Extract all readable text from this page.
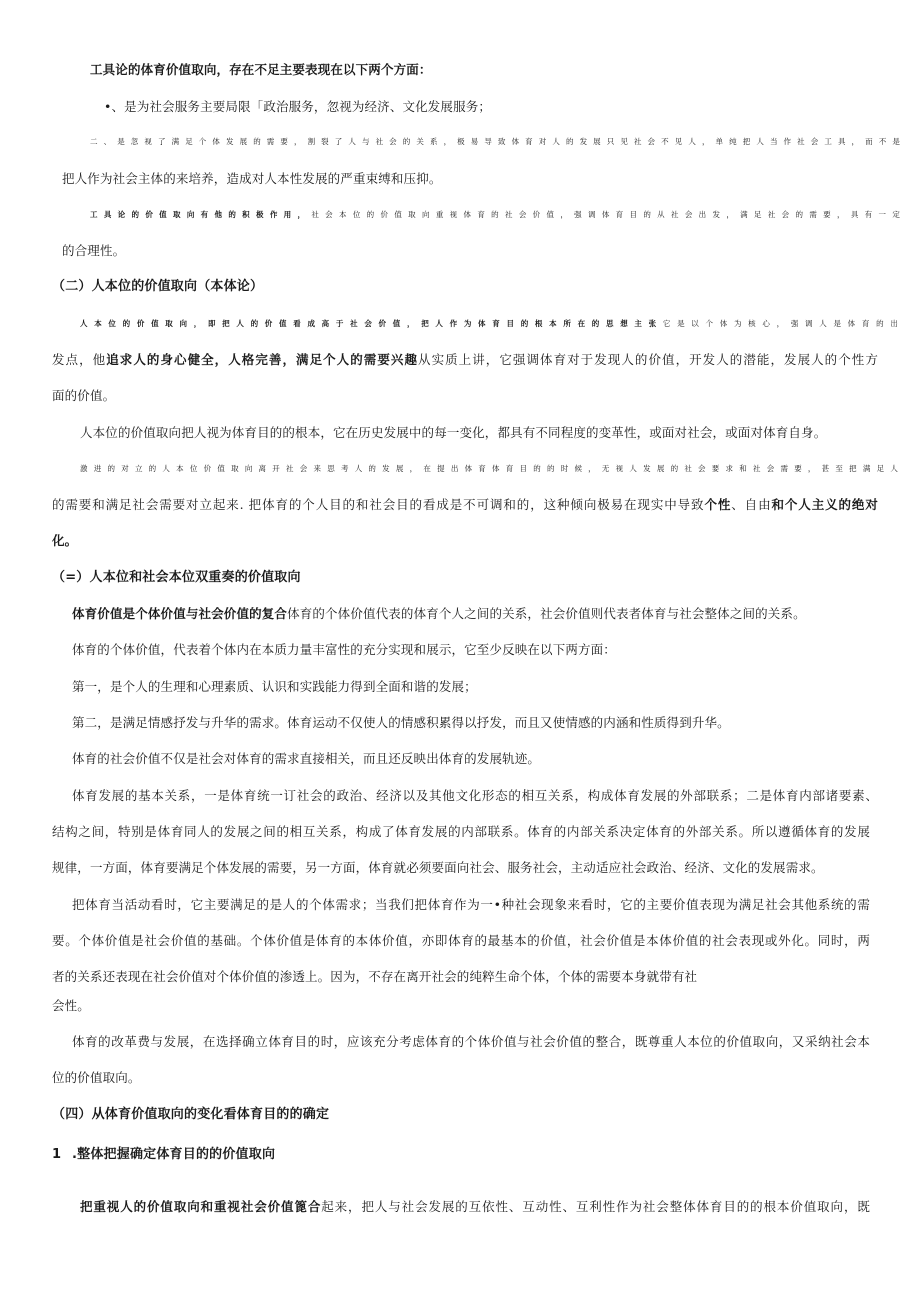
工具论的体育价值取向，存在不足主要表现在以下两个方面：
•、是为社会服务主要局限「政治服务，忽视为经济、文化发展服务；
二、是忽视了满足个体发展的需要，割裂了人与社会的关系，极易导致体育对人的发展只见社会不见人，单纯把人当作社会工具，而不是
把人作为社会主体的来培养，造成对人本性发展的严重束缚和压抑。
工具论的价值取向有他的积极作用，社会本位的价值取向重视体育的社会价值，强调体育目的从社会出发，满足社会的需要，具有一定
的合理性。
（二）人本位的价值取向（本体论）
人本位的价值取向，即把人的价值看成高于社会价值，把人作为体育目的根本所在的思想主张它是以个体为核心，强调人是体育的出
发点，他追求人的身心健全，人格完善，满足个人的需要兴趣从实质上讲，它强调体育对于发现人的价值，开发人的潜能，发展人的个性方
面的价值。
人本位的价值取向把人视为体育目的的根本，它在历史发展中的每一变化，都具有不同程度的变革性，或面对社会，或面对体育自身。
激进的对立的人本位价值取向离开社会来思考人的发展，在提出体育体育目的的时候，无视人发展的社会要求和社会需要，甚至把满足人
的需要和满足社会需要对立起来. 把体育的个人目的和社会目的看成是不可调和的，这种倾向极易在现实中导致个性、自由和个人主义的绝对
化。
（=）人本位和社会本位双重奏的价值取向
体育价值是个体价值与社会价值的复合体育的个体价值代表的体育个人之间的关系，社会价值则代表者体育与社会整体之间的关系。
体育的个体价值，代表着个体内在本质力量丰富性的充分实现和展示，它至少反映在以下两方面：
第一，是个人的生理和心理素质、认识和实践能力得到全面和谐的发展；
第二，是满足情感抒发与升华的需求。体育运动不仅使人的情感积累得以抒发，而且又使情感的内涵和性质得到升华。
体育的社会价值不仅是社会对体育的需求直接相关，而且还反映出体育的发展轨迹。
体育发展的基本关系，一是体育统一订社会的政治、经济以及其他文化形态的相互关系，构成体育发展的外部联系；二是体育内部诸要素、
结构之间，特别是体育同人的发展之间的相互关系，构成了体育发展的内部联系。体育的内部关系决定体育的外部关系。所以遵循体育的发展
规律，一方面，体育要满足个体发展的需要，另一方面，体育就必须要面向社会、服务社会，主动适应社会政治、经济、文化的发展需求。
把体育当活动看时，它主要满足的是人的个体需求；当我们把体育作为一•种社会现象来看时，它的主要价值表现为满足社会其他系统的需
要。个体价值是社会价值的基础。个体价值是体育的本体价值，亦即体育的最基本的价值，社会价值是本体价值的社会表现或外化。同时，两
者的关系还表现在社会价值对个体价值的渗透上。因为，不存在离开社会的纯粹生命个体，个体的需要本身就带有社
会性。
体育的改革费与发展，在选择确立体育目的时，应该充分考虑体育的个体价值与社会价值的整合，既尊重人本位的价值取向，又采纳社会本
位的价值取向。
（四）从体育价值取向的变化看体育目的的确定
1 .整体把握确定体育目的的价值取向
把重视人的价值取向和重视社会价值篦合起来，把人与社会发展的互依性、互动性、互利性作为社会整体体育目的的根本价值取向，既
